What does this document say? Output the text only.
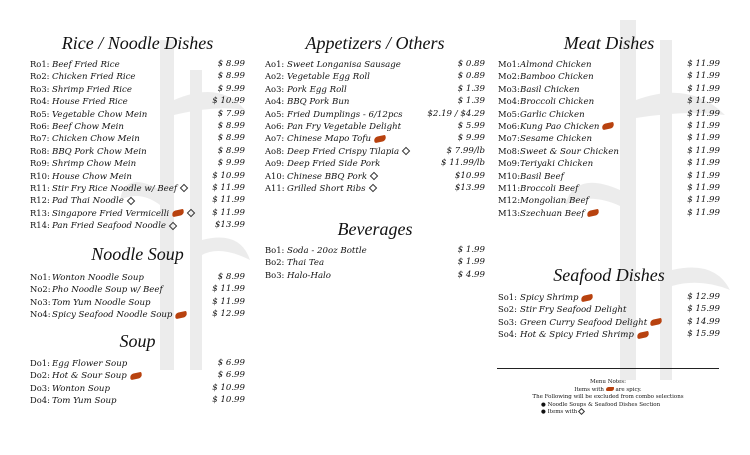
Rice / Noodle Dishes
Ro1: Beef Fried Rice	$ 8.99
Ro2: Chicken Fried Rice	$ 8.99
Ro3: Shrimp Fried Rice	$ 9.99
Ro4: House Fried Rice	$ 10.99
Ro5: Vegetable Chow Mein	$ 7.99
Ro6: Beef Chow Mein	$ 8.99
Ro7: Chicken Chow Mein	$ 8.99
Ro8: BBQ Pork Chow Mein	$ 8.99
Ro9: Shrimp Chow Mein	$ 9.99
R10: House Chow Mein	$ 10.99
R11: Stir Fry Rice Noodle w/ Beef	$ 11.99
R12: Pad Thai Noodle	$ 11.99
R13: Singapore Fried Vermicelli	$ 11.99
R14: Pan Fried Seafood Noodle	$13.99
Noodle Soup
No1:Wonton Noodle Soup	$ 8.99
No2:Pho Noodle Soup w/ Beef	$ 11.99
No3:Tom Yum Noodle Soup	$ 11.99
No4:Spicy Seafood Noodle Soup	$ 12.99
Soup
Do1: Egg Flower Soup	$ 6.99
Do2: Hot & Sour Soup	$ 6.99
Do3: Wonton Soup	$ 10.99
Do4: Tom Yum Soup	$ 10.99
Appetizers / Others
Ao1: Sweet Longanisa Sausage	$ 0.89
Ao2: Vegetable Egg Roll	$ 0.89
Ao3: Pork Egg Roll	$ 1.39
Ao4: BBQ Pork Bun	$ 1.39
Ao5: Fried Dumplings - 6/12pcs	$2.19 / $4.29
Ao6: Pan Fry Vegetable Delight	$ 5.99
Ao7: Chinese Mapo Tofu	$ 9.99
Ao8: Deep Fried Crispy Tilapia	$ 7.99/lb
Ao9: Deep Fried Side Pork	$ 11.99/lb
A10: Chinese BBQ Pork	$10.99
A11: Grilled Short Ribs	$13.99
Beverages
Bo1: Soda - 20oz Bottle	$ 1.99
Bo2: Thai Tea	$ 1.99
Bo3: Halo-Halo	$ 4.99
Meat Dishes
Mo1:Almond Chicken	$ 11.99
Mo2:Bamboo Chicken	$ 11.99
Mo3:Basil Chicken	$ 11.99
Mo4:Broccoli Chicken	$ 11.99
Mo5:Garlic Chicken	$ 11.99
Mo6:Kung Pao Chicken	$ 11.99
Mo7:Sesame Chicken	$ 11.99
Mo8:Sweet & Sour Chicken	$ 11.99
Mo9:Teriyaki Chicken	$ 11.99
M10:Basil Beef	$ 11.99
M11:Broccoli Beef	$ 11.99
M12:Mongolian Beef	$ 11.99
M13:Szechuan Beef	$ 11.99
Seafood Dishes
So1: Spicy Shrimp	$ 12.99
So2: Stir Fry Seafood Delight	$ 15.99
So3: Green Curry Seafood Delight	$ 14.99
So4: Hot & Spicy Fried Shrimp	$ 15.99
Menu Notes:
Items with are spicy.
The Following will be excluded from combo selections
● Noodle Soups & Seafood Dishes Section
● Items with
